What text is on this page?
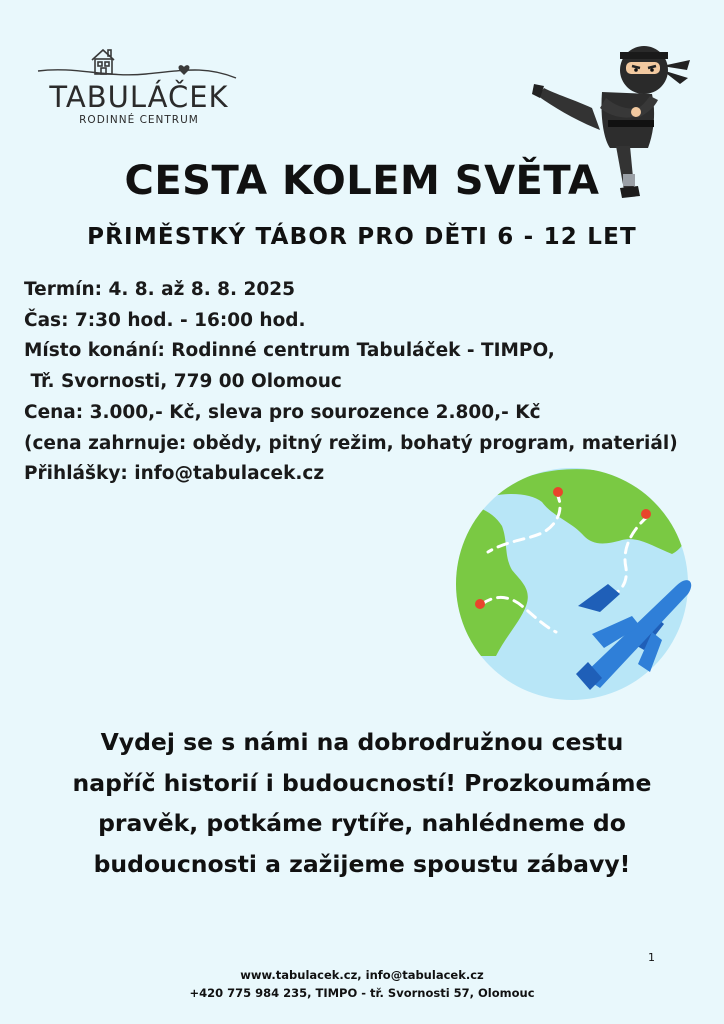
TABULÁČEK
RODINNÉ CENTRUM
CESTA KOLEM SVĚTA
PŘIMĚSTKÝ TÁBOR PRO DĚTI 6 - 12 LET
Termín: 4. 8. až 8. 8. 2025
Čas: 7:30 hod. - 16:00 hod.
Místo konání: Rodinné centrum Tabuláček - TIMPO,
Tř. Svornosti, 779 00 Olomouc
Cena: 3.000,- Kč, sleva pro sourozence 2.800,- Kč
(cena zahrnuje: obědy, pitný režim, bohatý program, materiál)
Přihlášky: info@tabulacek.cz
Vydej se s námi na dobrodružnou cestu
napříč historií i budoucností! Prozkoumáme
pravěk, potkáme rytíře, nahlédneme do
budoucnosti a zažijeme spoustu zábavy!
1
www.tabulacek.cz, info@tabulacek.cz
+420 775 984 235, TIMPO - tř. Svornosti 57, Olomouc
